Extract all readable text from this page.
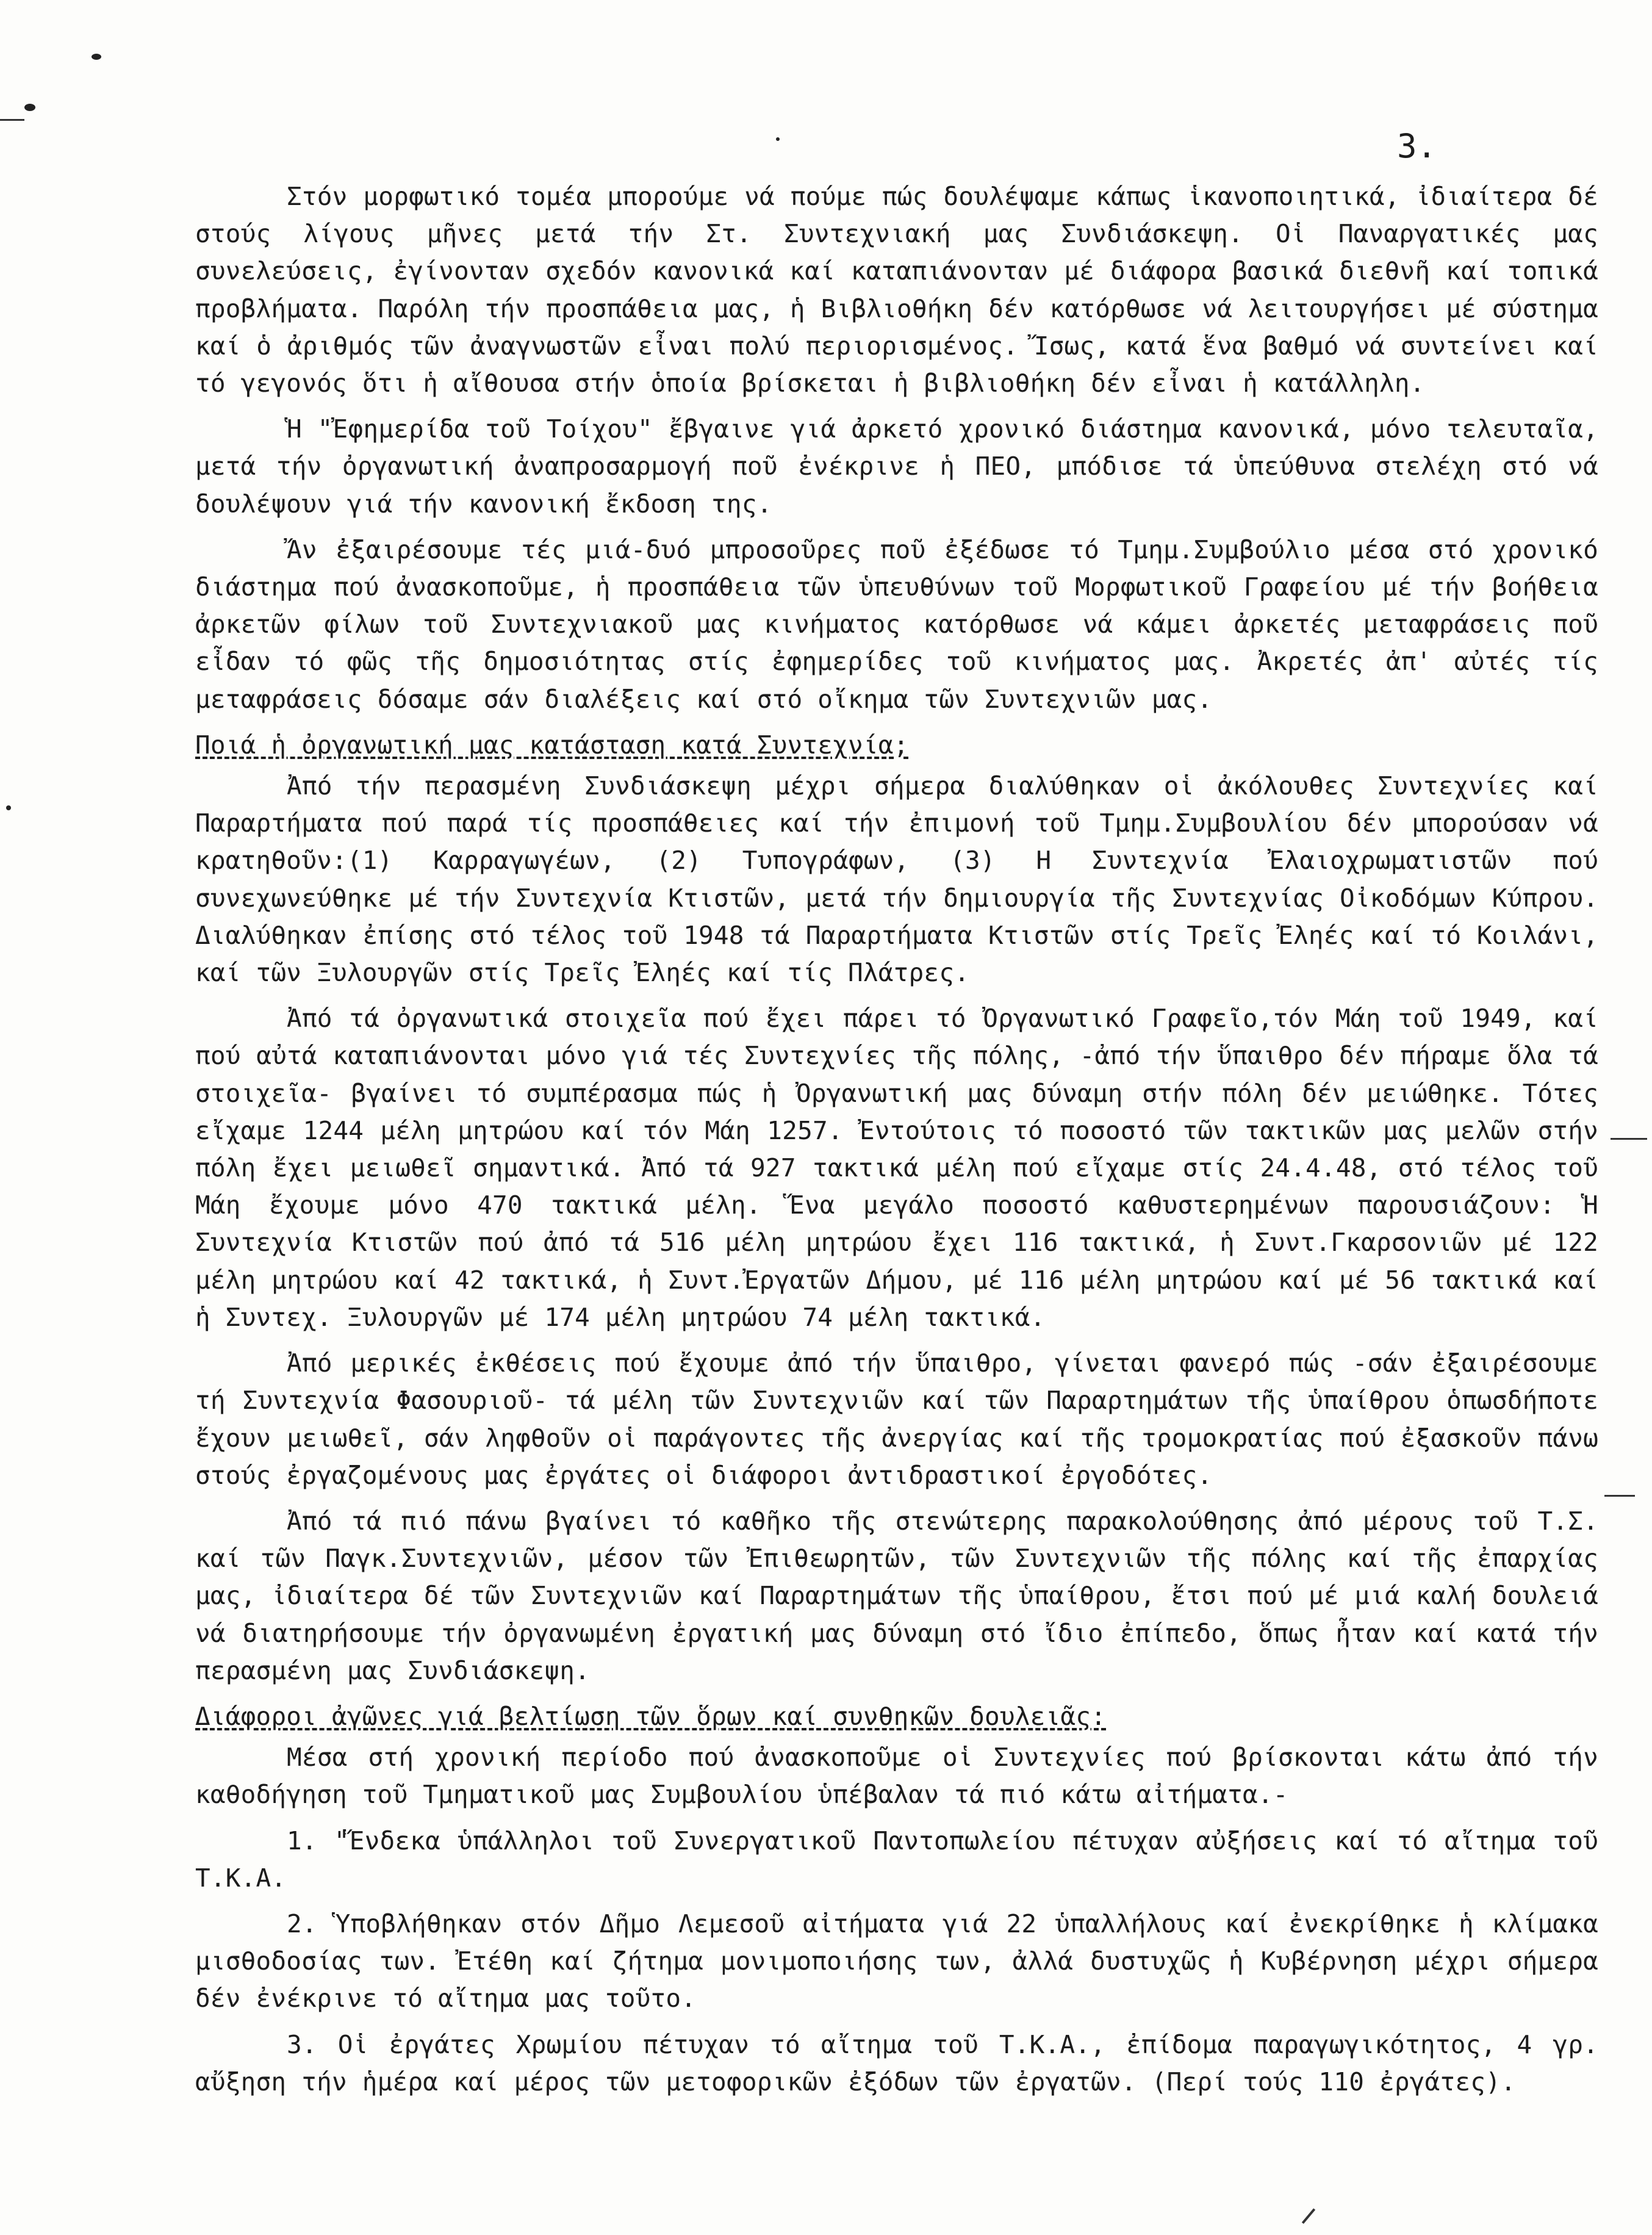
3.

Στόν μορφωτικό τομέα μπορούμε νά πούμε πώς δουλέψαμε κάπως ἱκανοποιητικά, ἰδιαίτερα δέ στούς λίγους μῆνες μετά τήν Στ. Συντεχνιακή μας Συνδιάσκεψη. Οἱ Παναργατικές μας συνελεύσεις, ἐγίνονταν σχεδόν κανονικά καί καταπιάνονταν μέ διάφορα βασικά διεθνῆ καί τοπικά προβλήματα. Παρόλη τήν προσπάθεια μας, ἡ Βιβλιοθήκη δέν κατόρθωσε νά λειτουργήσει μέ σύστημα καί ὁ ἀριθμός τῶν ἀναγνωστῶν εἶναι πολύ περιορισμένος. Ἴσως, κατά ἕνα βαθμό νά συντείνει καί τό γεγονός ὅτι ἡ αἴθουσα στήν ὁποία βρίσκεται ἡ βιβλιοθήκη δέν εἶναι ἡ κατάλληλη.

Ἡ "Ἐφημερίδα τοῦ Τοίχου" ἔβγαινε γιά ἀρκετό χρονικό διάστημα κανονικά, μόνο τελευταῖα, μετά τήν ὀργανωτική ἀναπροσαρμογή ποῦ ἐνέκρινε ἡ ΠΕΟ, μπόδισε τά ὑπεύθυνα στελέχη στό νά δουλέψουν γιά τήν κανονική ἔκδοση της.

Ἄν ἐξαιρέσουμε τές μιά-δυό μπροσοῦρες ποῦ ἐξέδωσε τό Τμημ.Συμβούλιο μέσα στό χρονικό διάστημα πού ἀνασκοποῦμε, ἡ προσπάθεια τῶν ὑπευθύνων τοῦ Μορφωτικοῦ Γραφείου μέ τήν βοήθεια ἀρκετῶν φίλων τοῦ Συντεχνιακοῦ μας κινήματος κατόρθωσε νά κάμει ἀρκετές μεταφράσεις ποῦ εἶδαν τό φῶς τῆς δημοσιότητας στίς ἐφημερίδες τοῦ κινήματος μας. Ἀκρετές ἀπ' αὐτές τίς μεταφράσεις δόσαμε σάν διαλέξεις καί στό οἴκημα τῶν Συντεχνιῶν μας.

Ποιά ἡ ὀργανωτική μας κατάσταση κατά Συντεχνία;

Ἀπό τήν περασμένη Συνδιάσκεψη μέχρι σήμερα διαλύθηκαν οἱ ἀκόλουθες Συντεχνίες καί Παραρτήματα πού παρά τίς προσπάθειες καί τήν ἐπιμονή τοῦ Τμημ.Συμβουλίου δέν μπορούσαν νά κρατηθοῦν:(1) Καρραγωγέων, (2) Τυπογράφων, (3) Η Συντεχνία Ἐλαιοχρωματιστῶν πού συνεχωνεύθηκε μέ τήν Συντεχνία Κτιστῶν, μετά τήν δημιουργία τῆς Συντεχνίας Οἰκοδόμων Κύπρου. Διαλύθηκαν ἐπίσης στό τέλος τοῦ 1948 τά Παραρτήματα Κτιστῶν στίς Τρεῖς Ἐληές καί τό Κοιλάνι, καί τῶν Ξυλουργῶν στίς Τρεῖς Ἐληές καί τίς Πλάτρες.

Ἀπό τά ὀργανωτικά στοιχεῖα πού ἔχει πάρει τό Ὀργανωτικό Γραφεῖο,τόν Μάη τοῦ 1949, καί πού αὐτά καταπιάνονται μόνο γιά τές Συντεχνίες τῆς πόλης, -ἀπό τήν ὕπαιθρο δέν πήραμε ὅλα τά στοιχεῖα- βγαίνει τό συμπέρασμα πώς ἡ Ὀργανωτική μας δύναμη στήν πόλη δέν μειώθηκε. Τότες εἴχαμε 1244 μέλη μητρώου καί τόν Μάη 1257. Ἐντούτοις τό ποσοστό τῶν τακτικῶν μας μελῶν στήν πόλη ἔχει μειωθεῖ σημαντικά. Ἀπό τά 927 τακτικά μέλη πού εἴχαμε στίς 24.4.48, στό τέλος τοῦ Μάη ἔχουμε μόνο 470 τακτικά μέλη. Ἕνα μεγάλο ποσοστό καθυστερημένων παρουσιάζουν: Ἡ Συντεχνία Κτιστῶν πού ἀπό τά 516 μέλη μητρώου ἔχει 116 τακτικά, ἡ Συντ.Γκαρσονιῶν μέ 122 μέλη μητρώου καί 42 τακτικά, ἡ Συντ.Ἐργατῶν Δήμου, μέ 116 μέλη μητρώου καί μέ 56 τακτικά καί ἡ Συντεχ. Ξυλουργῶν μέ 174 μέλη μητρώου 74 μέλη τακτικά.

Ἀπό μερικές ἐκθέσεις πού ἔχουμε ἀπό τήν ὕπαιθρο, γίνεται φανερό πώς -σάν ἐξαιρέσουμε τή Συντεχνία Φασουριοῦ- τά μέλη τῶν Συντεχνιῶν καί τῶν Παραρτημάτων τῆς ὑπαίθρου ὁπωσδήποτε ἔχουν μειωθεῖ, σάν ληφθοῦν οἱ παράγοντες τῆς ἀνεργίας καί τῆς τρομοκρατίας πού ἐξασκοῦν πάνω στούς ἐργαζομένους μας ἐργάτες οἱ διάφοροι ἀντιδραστικοί ἐργοδότες.

Ἀπό τά πιό πάνω βγαίνει τό καθῆκο τῆς στενώτερης παρακολούθησης ἀπό μέρους τοῦ Τ.Σ. καί τῶν Παγκ.Συντεχνιῶν, μέσον τῶν Ἐπιθεωρητῶν, τῶν Συντεχνιῶν τῆς πόλης καί τῆς ἐπαρχίας μας, ἰδιαίτερα δέ τῶν Συντεχνιῶν καί Παραρτημάτων τῆς ὑπαίθρου, ἔτσι πού μέ μιά καλή δουλειά νά διατηρήσουμε τήν ὀργανωμένη ἐργατική μας δύναμη στό ἴδιο ἐπίπεδο, ὅπως ἦταν καί κατά τήν περασμένη μας Συνδιάσκεψη.

Διάφοροι ἀγῶνες γιά βελτίωση τῶν ὅρων καί συνθηκῶν δουλειᾶς:

Μέσα στή χρονική περίοδο πού ἀνασκοποῦμε οἱ Συντεχνίες πού βρίσκονται κάτω ἀπό τήν καθοδήγηση τοῦ Τμηματικοῦ μας Συμβουλίου ὑπέβαλαν τά πιό κάτω αἰτήματα.-

1. "Ἕνδεκα ὑπάλληλοι τοῦ Συνεργατικοῦ Παντοπωλείου πέτυχαν αὐξήσεις καί τό αἴτημα τοῦ Τ.Κ.Α.

2. Ὑποβλήθηκαν στόν Δῆμο Λεμεσοῦ αἰτήματα γιά 22 ὑπαλλήλους καί ἐνεκρίθηκε ἡ κλίμακα μισθοδοσίας των. Ἐτέθη καί ζήτημα μονιμοποιήσης των, ἀλλά δυστυχῶς ἡ Κυβέρνηση μέχρι σήμερα δέν ἐνέκρινε τό αἴτημα μας τοῦτο.

3. Οἱ ἐργάτες Χρωμίου πέτυχαν τό αἴτημα τοῦ Τ.Κ.Α., ἐπίδομα παραγωγικότητος, 4 γρ. αὔξηση τήν ἡμέρα καί μέρος τῶν μετοφορικῶν ἐξόδων τῶν ἐργατῶν. (Περί τούς 110 ἐργάτες).
